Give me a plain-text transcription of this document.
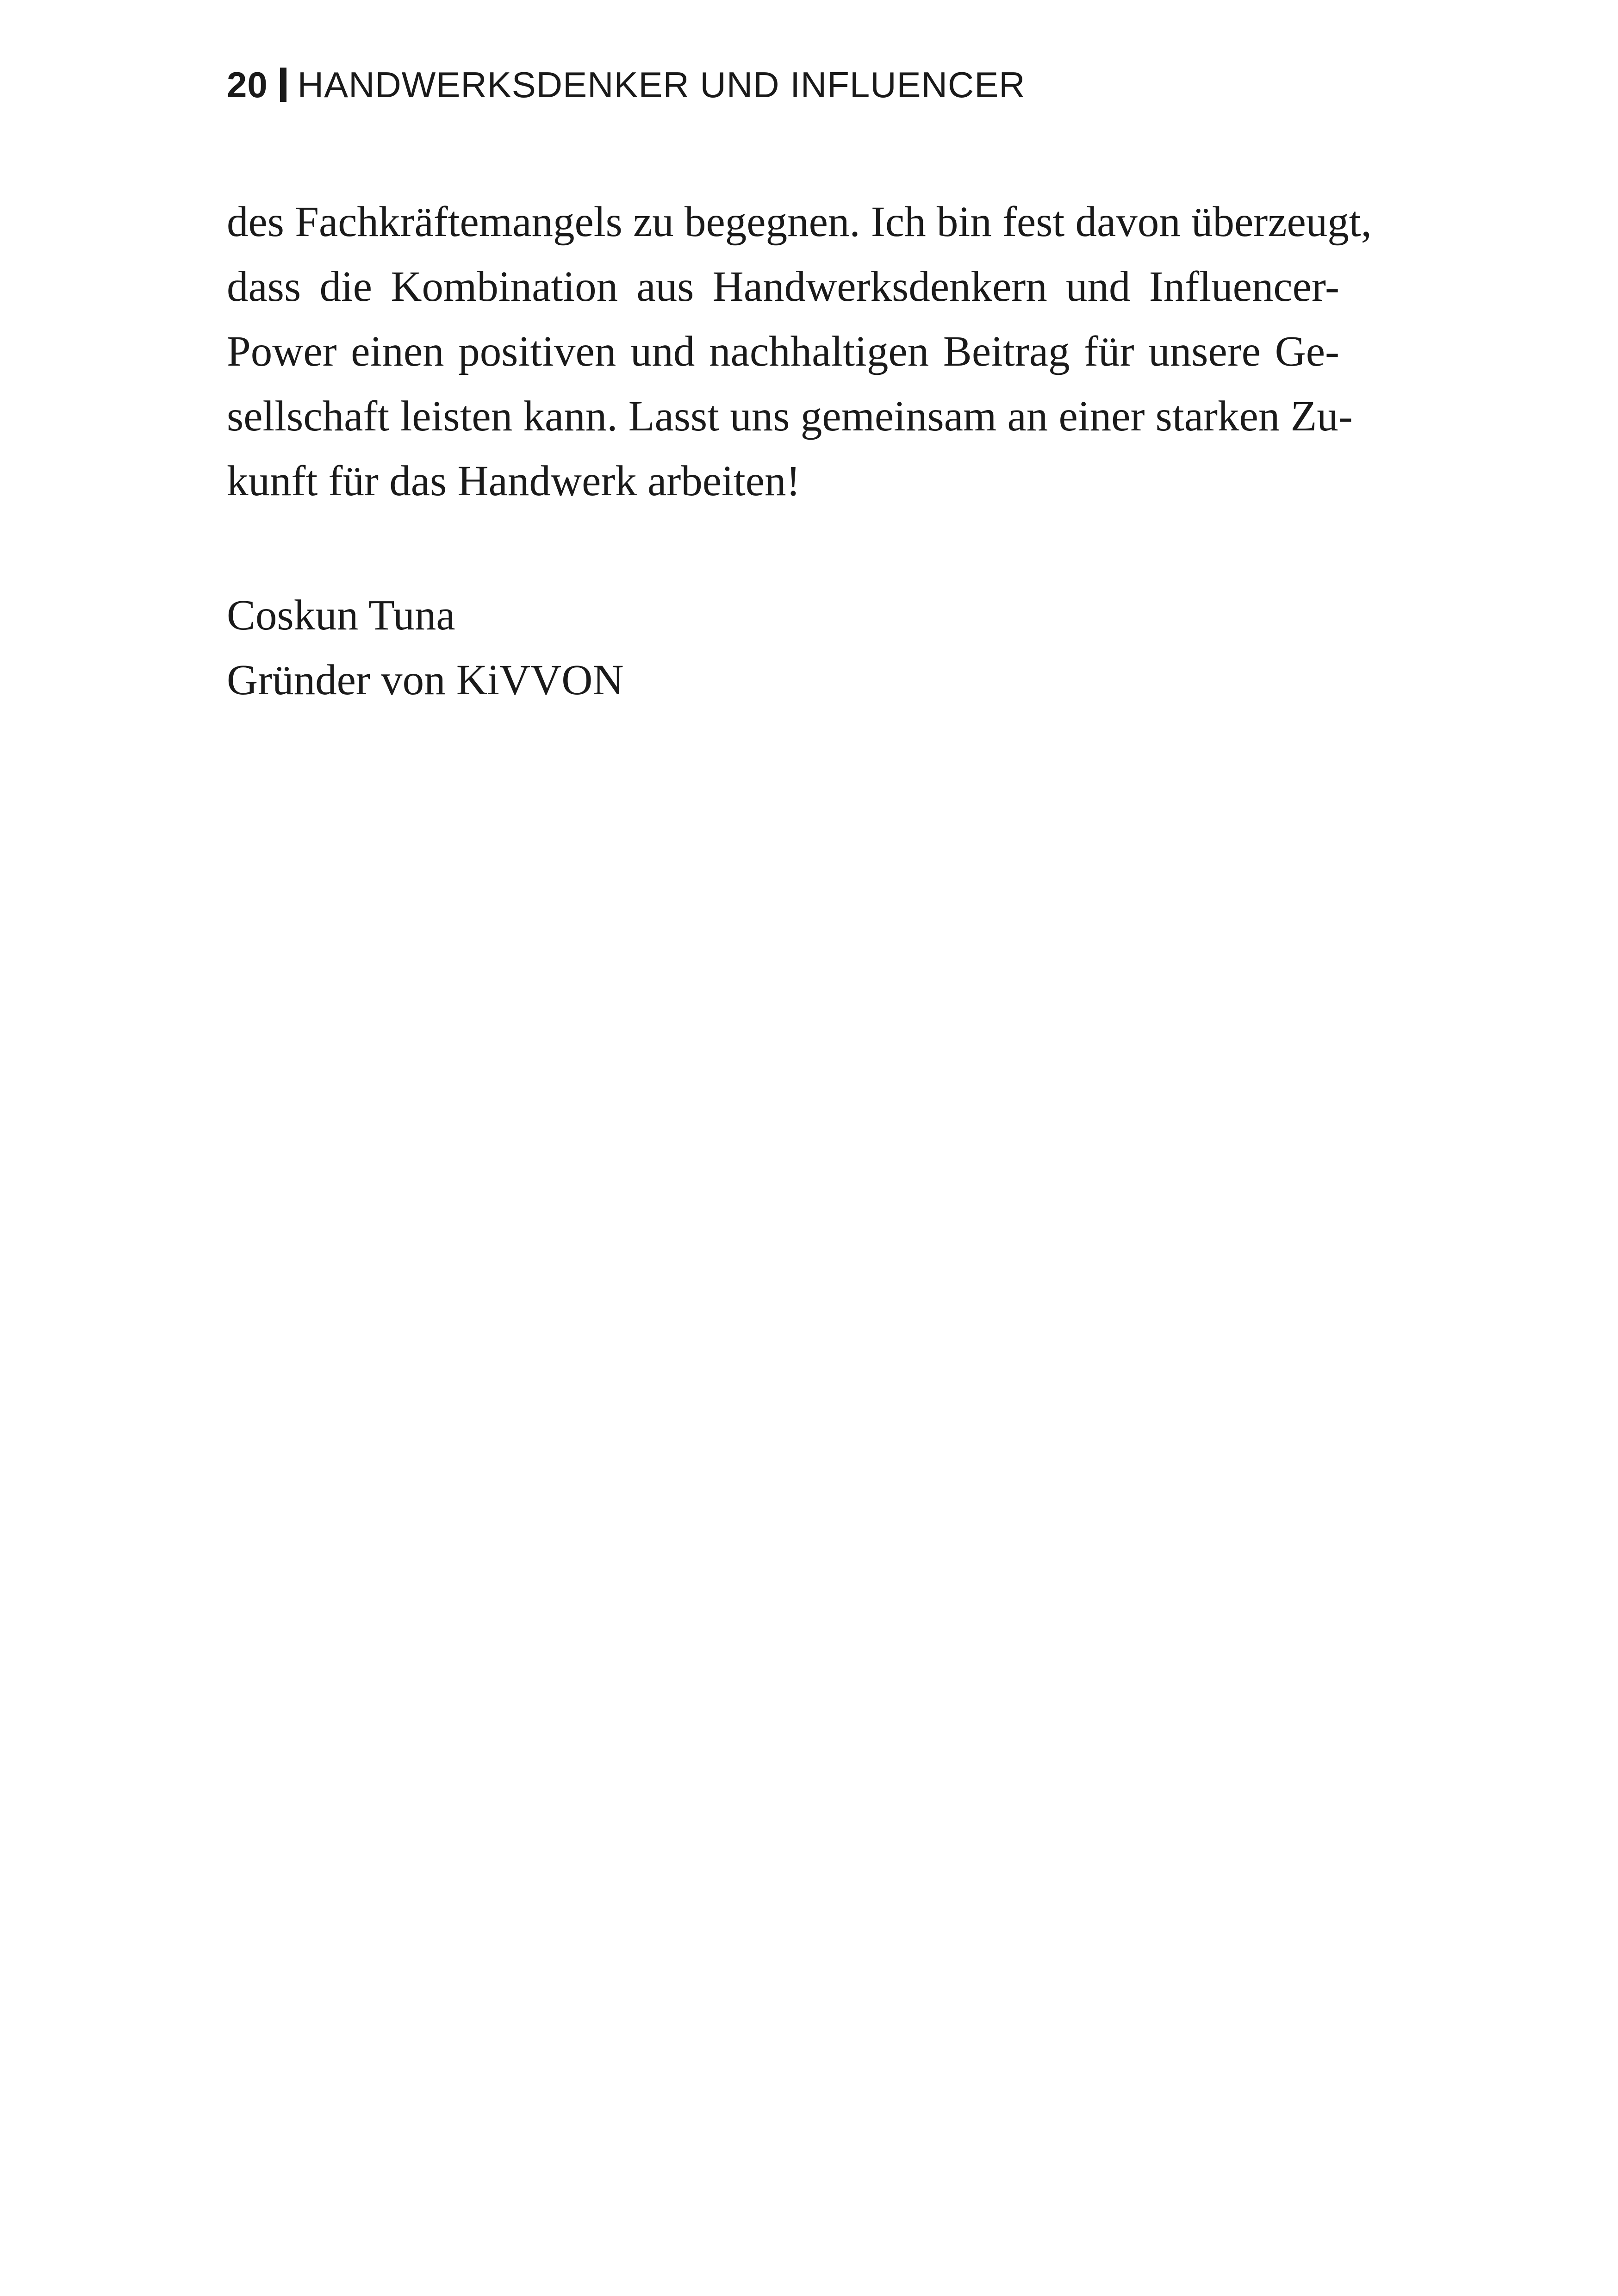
20 HANDWERKSDENKER UND INFLUENCER

des Fachkräftemangels zu begegnen. Ich bin fest davon überzeugt,
dass die Kombination aus Handwerksdenkern und Influencer-
Power einen positiven und nachhaltigen Beitrag für unsere Ge-
sellschaft leisten kann. Lasst uns gemeinsam an einer starken Zu-
kunft für das Handwerk arbeiten!

Coskun Tuna
Gründer von KiVVON
